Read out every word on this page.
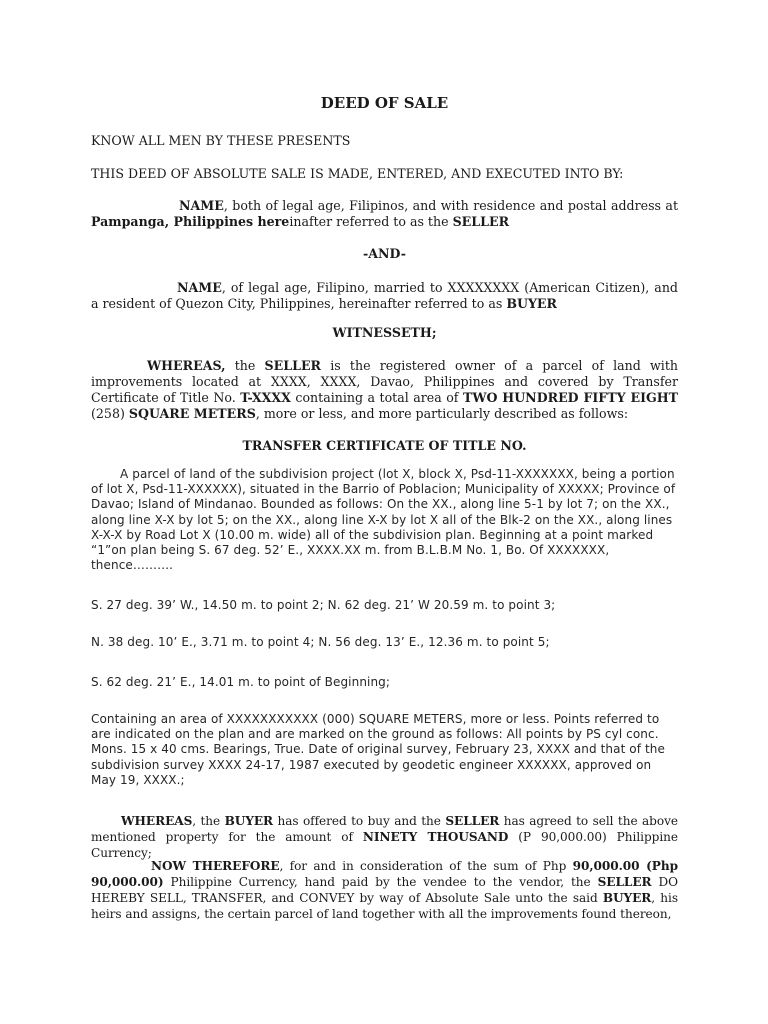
DEED OF SALE
KNOW ALL MEN BY THESE PRESENTS
THIS DEED OF ABSOLUTE SALE IS MADE, ENTERED, AND EXECUTED INTO BY:
NAME, both of legal age, Filipinos, and with residence and postal address at Pampanga, Philippines hereinafter referred to as the SELLER
-AND-
NAME, of legal age, Filipino, married to XXXXXXXX (American Citizen), and a resident of Quezon City, Philippines, hereinafter referred to as BUYER
WITNESSETH;
WHEREAS, the SELLER is the registered owner of a parcel of land with improvements located at XXXX, XXXX, Davao, Philippines and covered by Transfer Certificate of Title No. T-XXXX containing a total area of TWO HUNDRED FIFTY EIGHT (258) SQUARE METERS, more or less, and more particularly described as follows:
TRANSFER CERTIFICATE OF TITLE NO.
A parcel of land of the subdivision project (lot X, block X, Psd-11-XXXXXXX, being a portion of lot X, Psd-11-XXXXXX), situated in the Barrio of Poblacion; Municipality of XXXXX; Province of Davao; Island of Mindanao. Bounded as follows: On the XX., along line 5-1 by lot 7; on the XX., along line X-X by lot 5; on the XX., along line X-X by lot X all of the Blk-2 on the XX., along lines X-X-X by Road Lot X (10.00 m. wide) all of the subdivision plan. Beginning at a point marked “1”on plan being S. 67 deg. 52’ E., XXXX.XX m. from B.L.B.M No. 1, Bo. Of XXXXXXX, thence……….
S. 27 deg. 39’ W., 14.50 m. to point 2; N. 62 deg. 21’ W 20.59 m. to point 3;
N. 38 deg. 10’ E., 3.71 m. to point 4; N. 56 deg. 13’ E., 12.36 m. to point 5;
S. 62 deg. 21’ E., 14.01 m. to point of Beginning;
Containing an area of XXXXXXXXXXX (000) SQUARE METERS, more or less. Points referred to are indicated on the plan and are marked on the ground as follows: All points by PS cyl conc. Mons. 15 x 40 cms. Bearings, True. Date of original survey, February 23, XXXX and that of the subdivision survey XXXX 24-17, 1987 executed by geodetic engineer XXXXXX, approved on May 19, XXXX.;
WHEREAS, the BUYER has offered to buy and the SELLER has agreed to sell the above mentioned property for the amount of NINETY THOUSAND (P 90,000.00) Philippine Currency;
NOW THEREFORE, for and in consideration of the sum of Php 90,000.00 (Php 90,000.00) Philippine Currency, hand paid by the vendee to the vendor, the SELLER DO HEREBY SELL, TRANSFER, and CONVEY by way of Absolute Sale unto the said BUYER, his heirs and assigns, the certain parcel of land together with all the improvements found thereon,
